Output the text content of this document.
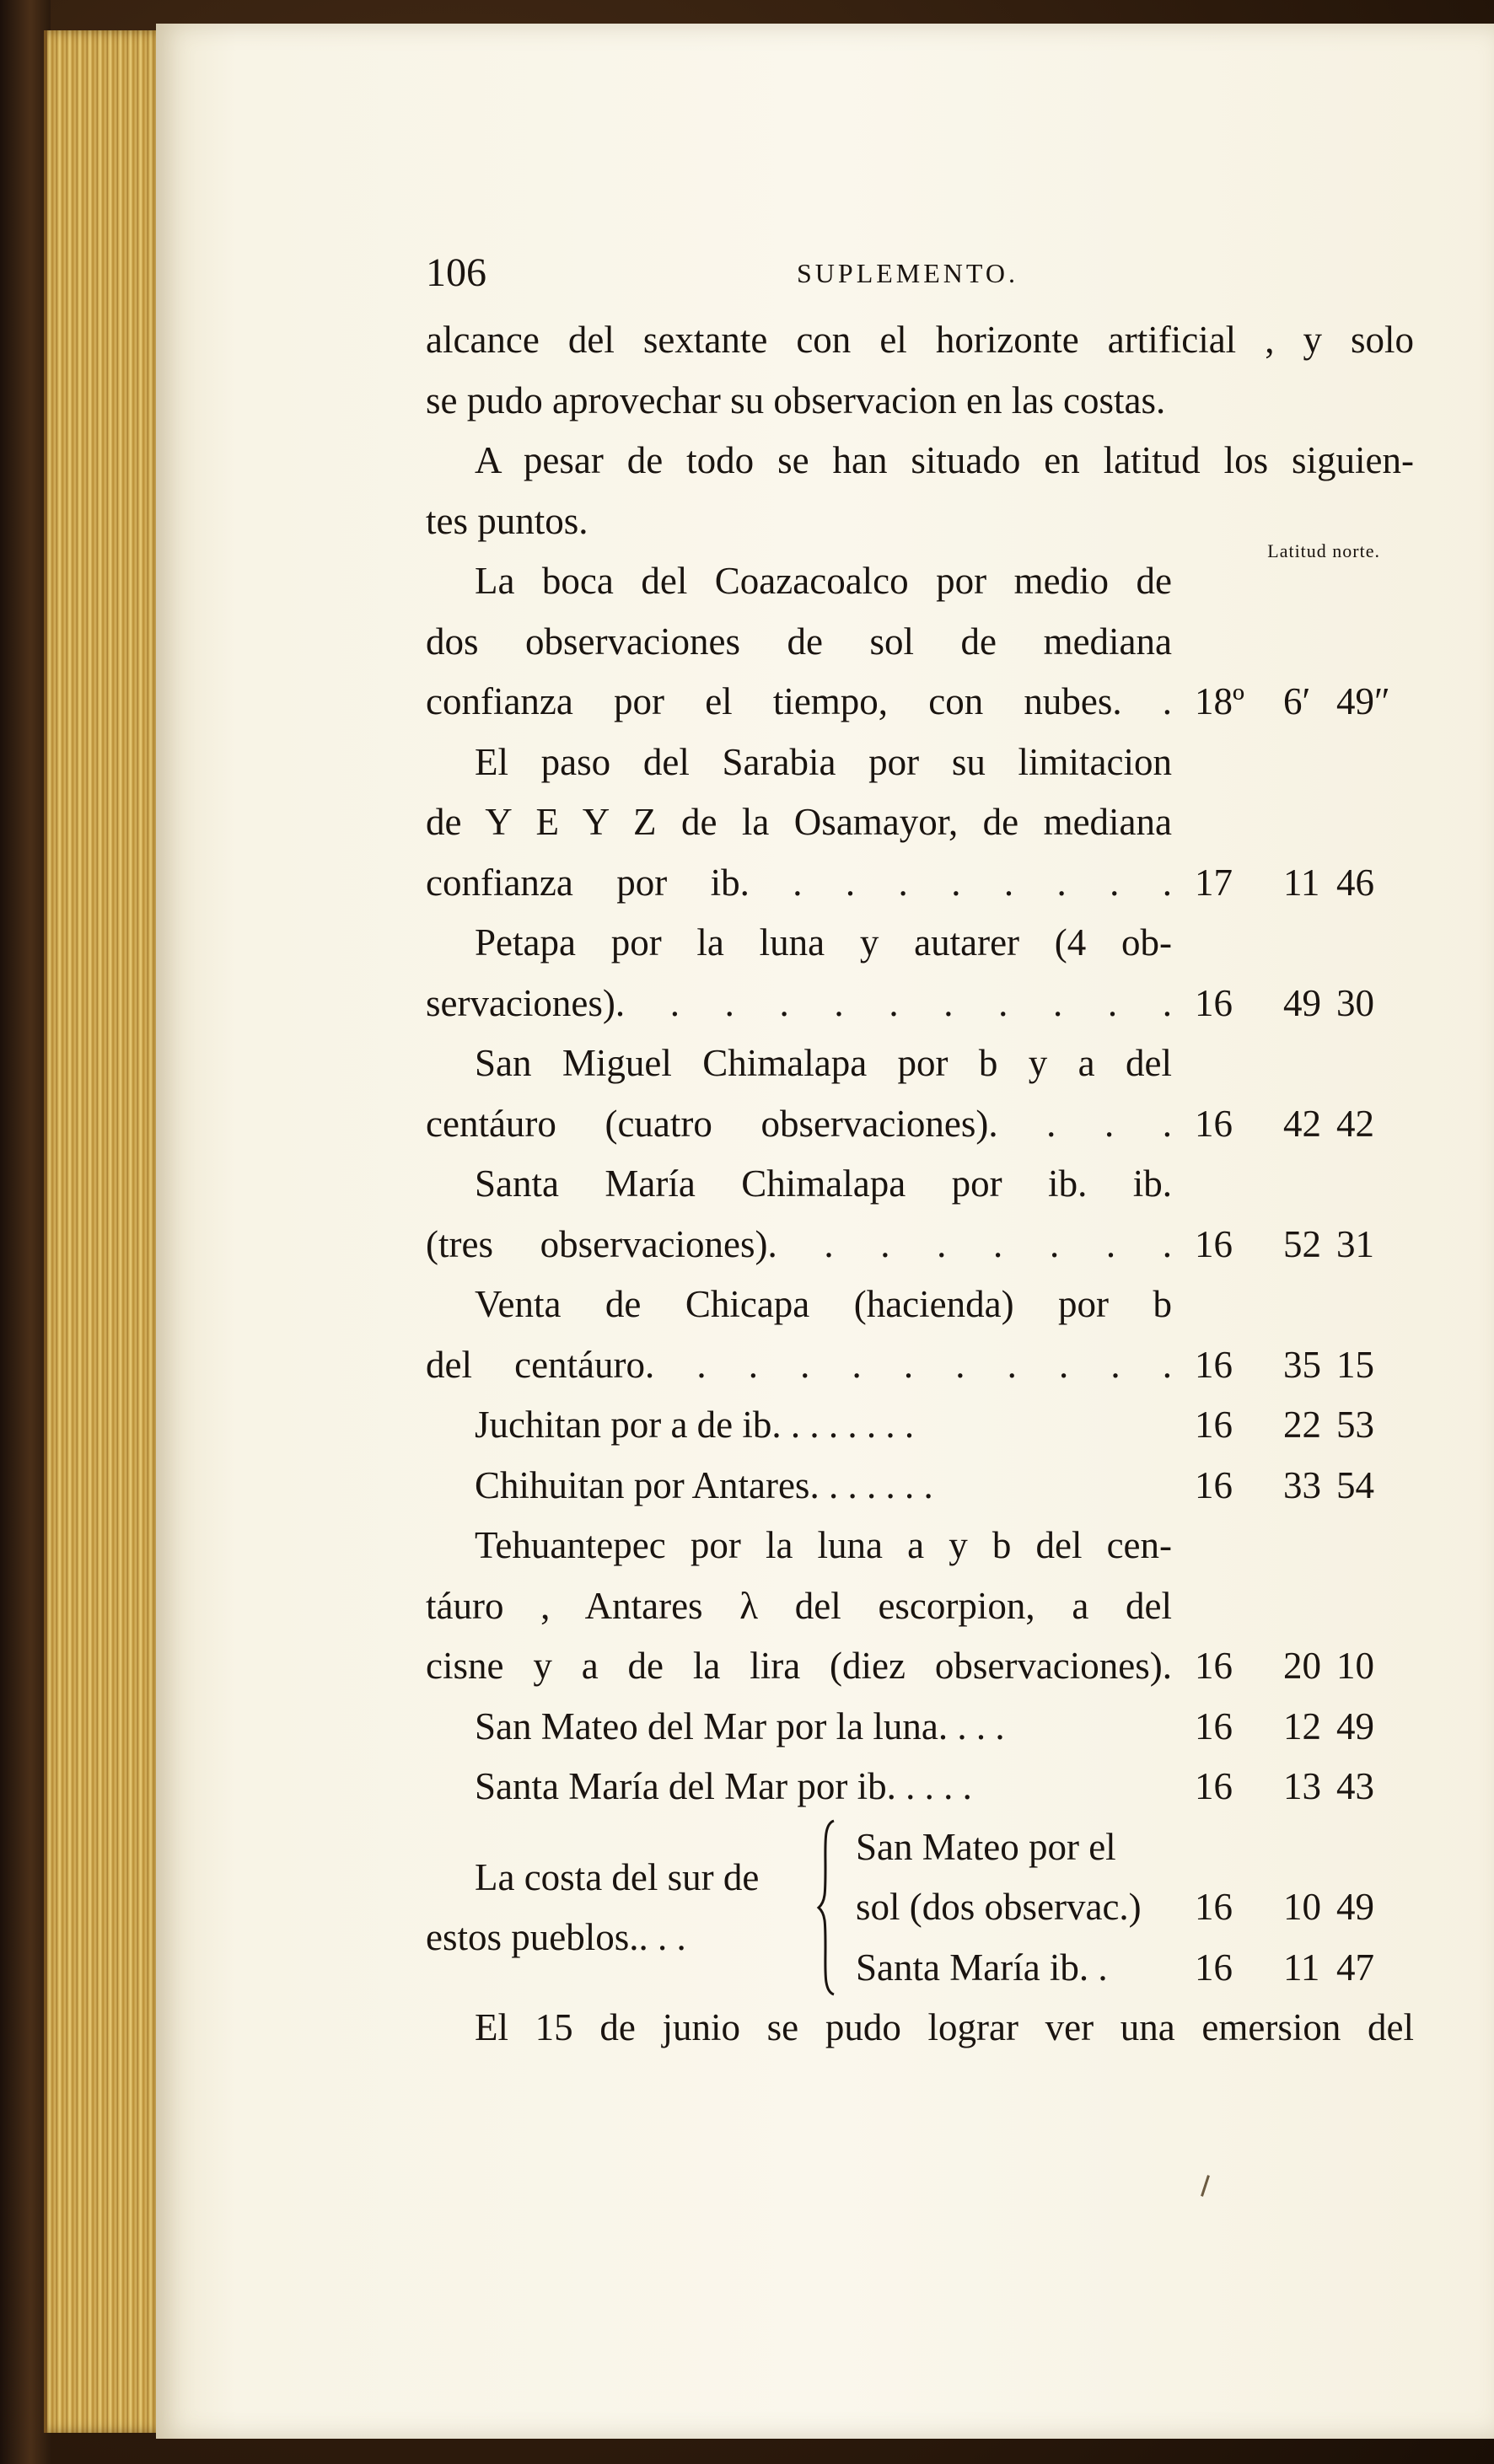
106	SUPLEMENTO.
alcance del sextante con el horizonte artificial , y solo
se pudo aprovechar su observacion en las costas.
A pesar de todo se han situado en latitud los siguien-
tes puntos.
Latitud norte.
La boca del Coazacoalco por medio de
dos observaciones de sol de mediana
confianza por el tiempo, con nubes. . 18º 6′ 49″
El paso del Sarabia por su limitacion
de Y E Y Z de la Osamayor, de mediana
confianza por ib. . . . . . . . . 17 11 46
Petapa por la luna y autarer (4 ob-
servaciones). . . . . . . . . . . 16 49 30
San Miguel Chimalapa por b y a del
centáuro (cuatro observaciones). . . . 16 42 42
Santa María Chimalapa por ib. ib.
(tres observaciones). . . . . . . . 16 52 31
Venta de Chicapa (hacienda) por b
del centáuro. . . . . . . . . . . 16 35 15
Juchitan por a de ib. . . . . . . .	16 22 53
Chihuitan por Antares. . . . . . .	16 33 54
Tehuantepec por la luna a y b del cen-
táuro , Antares λ del escorpion, a del
cisne y a de la lira (diez observaciones). 16 20 10
San Mateo del Mar por la luna. . . .	16 12 49
Santa María del Mar por ib. . . . .	16 13 43
La costa del sur de
estos pueblos.. . .
San Mateo por el
sol (dos observac.) 16 10 49
Santa María ib. . 16 11 47
El 15 de junio se pudo lograr ver una emersion del
